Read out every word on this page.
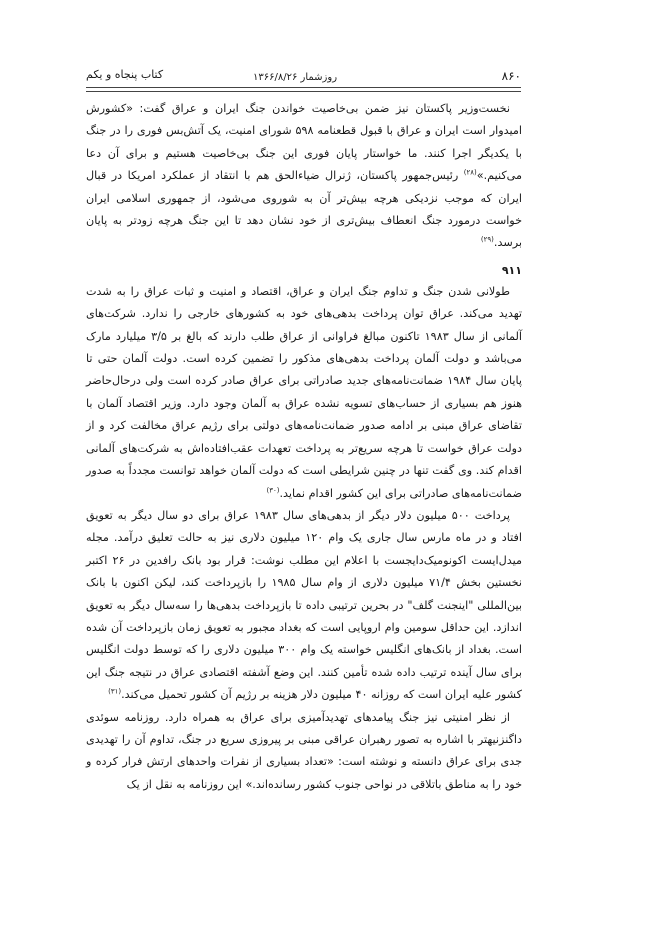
۸۶۰
روزشمار ۱۳۶۶/۸/۲۶
کتاب پنجاه و یکم

نخست‌وزیر پاکستان نیز ضمن بی‌خاصیت خواندن جنگ ایران و عراق گفت: «کشورش امیدوار است ایران و عراق با قبول قطعنامه ۵۹۸ شورای امنیت، یک آتش‌بس فوری را در جنگ با یکدیگر اجرا کنند. ما خواستار پایان فوری این جنگ بی‌خاصیت هستیم و برای آن دعا می‌کنیم.»$^{(۲۸)}$ رئیس‌جمهور پاکستان، ژنرال ضیاءالحق هم با انتقاد از عملکرد امریکا در قبال ایران که موجب نزدیکی هرچه بیش‌تر آن به شوروی می‌شود، از جمهوری اسلامی ایران خواست درمورد جنگ انعطاف بیش‌تری از خود نشان دهد تا این جنگ هرچه زودتر به پایان برسد.$^{(۲۹)}$

۹۱۱

طولانی شدن جنگ و تداوم جنگ ایران و عراق، اقتصاد و امنیت و ثبات عراق را به شدت تهدید می‌کند. عراق توان پرداخت بدهی‌های خود به کشورهای خارجی را ندارد. شرکت‌های آلمانی از سال ۱۹۸۳ تاکنون مبالغ فراوانی از عراق طلب دارند که بالغ بر ۳/۵ میلیارد مارک می‌باشد و دولت آلمان پرداخت بدهی‌های مذکور را تضمین کرده است. دولت آلمان حتی تا پایان سال ۱۹۸۴ ضمانت‌نامه‌های جدید صادراتی برای عراق صادر کرده است ولی درحال‌حاضر هنوز هم بسیاری از حساب‌های تسویه نشده عراق به آلمان وجود دارد. وزیر اقتصاد آلمان با تقاضای عراق مبنی بر ادامه صدور ضمانت‌نامه‌های دولتی برای رژیم عراق مخالفت کرد و از دولت عراق خواست تا هرچه سریع‌تر به پرداخت تعهدات عقب‌افتاده‌اش به شرکت‌های آلمانی اقدام کند. وی گفت تنها در چنین شرایطی است که دولت آلمان خواهد توانست مجدداً به صدور ضمانت‌نامه‌های صادراتی برای این کشور اقدام نماید.$^{(۳۰)}$

پرداخت ۵۰۰ میلیون دلار دیگر از بدهی‌های سال ۱۹۸۳ عراق برای دو سال دیگر به تعویق افتاد و در ماه مارس سال جاری یک وام ۱۲۰ میلیون دلاری نیز به حالت تعلیق درآمد. مجله میدل‌ایست اکونومیک‌دایجست با اعلام این مطلب نوشت: قرار بود بانک رافدین در ۲۶ اکتبر نخستین بخش ۷۱/۴ میلیون دلاری از وام سال ۱۹۸۵ را بازپرداخت کند، لیکن اکنون با بانک بین‌المللی "اینجنت گلف" در بحرین ترتیبی داده تا بازپرداخت بدهی‌ها را سه‌سال دیگر به تعویق اندازد. این حداقل سومین وام اروپایی است که بغداد مجبور به تعویق زمان بازپرداخت آن شده است. بغداد از بانک‌های انگلیس خواسته یک وام ۳۰۰ میلیون دلاری را که توسط دولت انگلیس برای سال آینده ترتیب داده شده تأمین کنند. این وضع آشفته اقتصادی عراق در نتیجه جنگ این کشور علیه ایران است که روزانه ۴۰ میلیون دلار هزینه بر رژیم آن کشور تحمیل می‌کند.$^{(۳۱)}$

از نظر امنیتی نیز جنگ پیامدهای تهدیدآمیزی برای عراق به همراه دارد. روزنامه سوئدی داگنزنیهتر با اشاره به تصور رهبران عراقی مبنی بر پیروزی سریع در جنگ، تداوم آن را تهدیدی جدی برای عراق دانسته و نوشته است: «تعداد بسیاری از نفرات واحدهای ارتش فرار کرده و خود را به مناطق باتلاقی در نواحی جنوب کشور رسانده‌اند.» این روزنامه به نقل از یک
